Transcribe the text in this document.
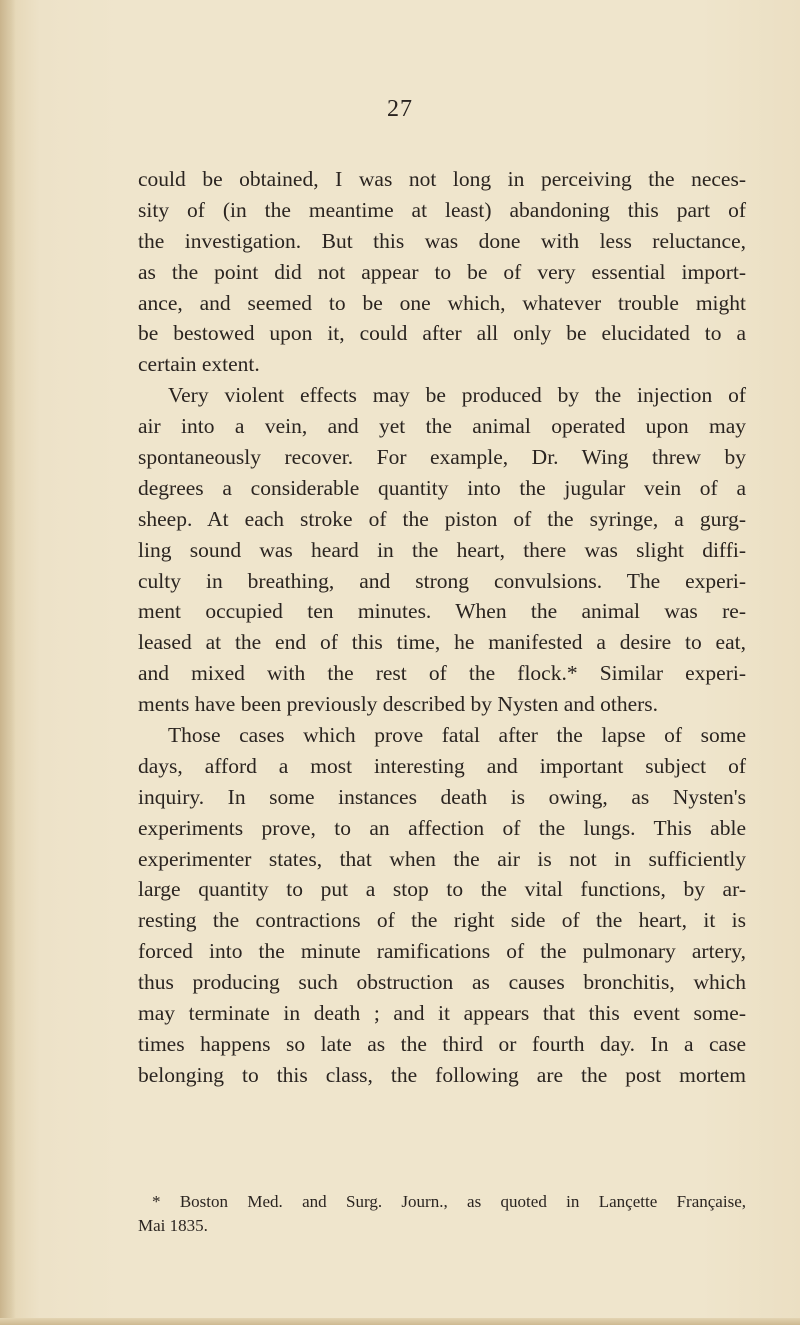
27
could be obtained, I was not long in perceiving the neces-
sity of (in the meantime at least) abandoning this part of
the investigation. But this was done with less reluctance,
as the point did not appear to be of very essential import-
ance, and seemed to be one which, whatever trouble might
be bestowed upon it, could after all only be elucidated to a
certain extent.
Very violent effects may be produced by the injection of
air into a vein, and yet the animal operated upon may
spontaneously recover. For example, Dr. Wing threw by
degrees a considerable quantity into the jugular vein of a
sheep. At each stroke of the piston of the syringe, a gurg-
ling sound was heard in the heart, there was slight diffi-
culty in breathing, and strong convulsions. The experi-
ment occupied ten minutes. When the animal was re-
leased at the end of this time, he manifested a desire to eat,
and mixed with the rest of the flock.* Similar experi-
ments have been previously described by Nysten and others.
Those cases which prove fatal after the lapse of some
days, afford a most interesting and important subject of
inquiry. In some instances death is owing, as Nysten's
experiments prove, to an affection of the lungs. This able
experimenter states, that when the air is not in sufficiently
large quantity to put a stop to the vital functions, by ar-
resting the contractions of the right side of the heart, it is
forced into the minute ramifications of the pulmonary artery,
thus producing such obstruction as causes bronchitis, which
may terminate in death ; and it appears that this event some-
times happens so late as the third or fourth day. In a case
belonging to this class, the following are the post mortem
* Boston Med. and Surg. Journ., as quoted in Lançette Française,
Mai 1835.
